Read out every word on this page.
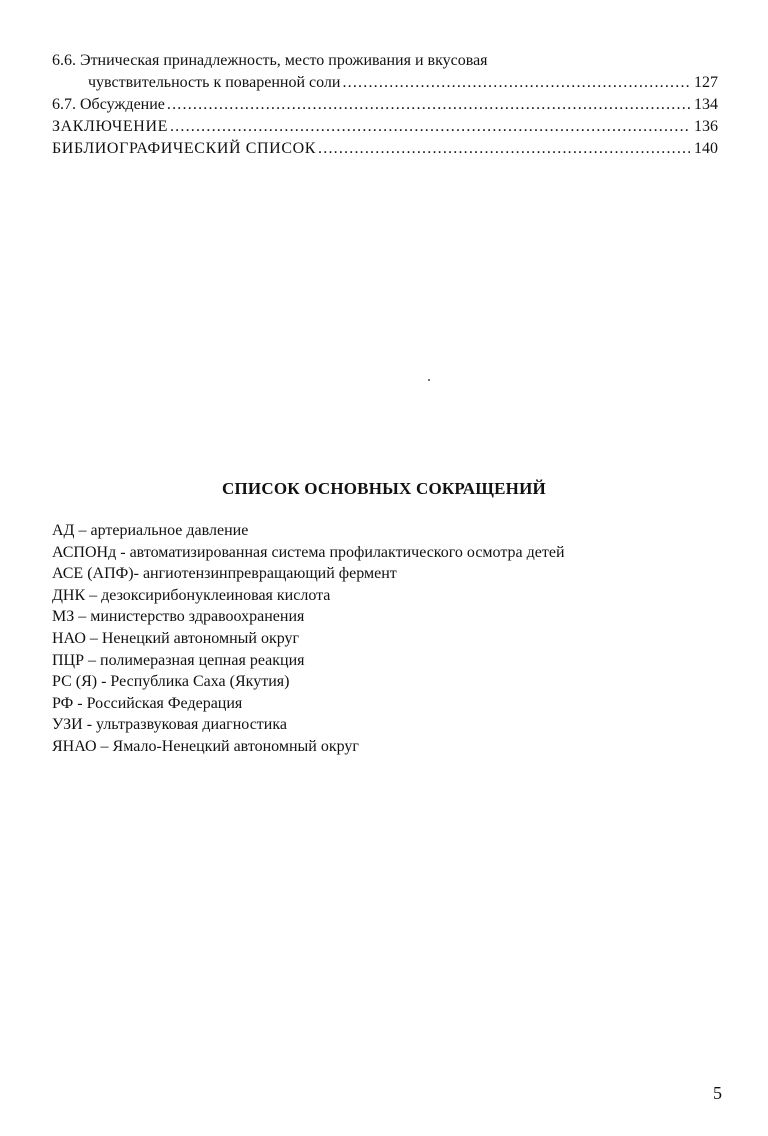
6.6. Этническая принадлежность, место проживания и вкусовая
чувствительность к поваренной соли .....	127
6.7. Обсуждение .....	134
ЗАКЛЮЧЕНИЕ .....	136
БИБЛИОГРАФИЧЕСКИЙ СПИСОК .....	140
СПИСОК ОСНОВНЫХ СОКРАЩЕНИЙ
АД – артериальное давление
АСПОНд - автоматизированная система профилактического осмотра детей
АСЕ (АПФ)- ангиотензинпревращающий фермент
ДНК – дезоксирибонуклеиновая кислота
МЗ – министерство здравоохранения
НАО – Ненецкий автономный округ
ПЦР – полимеразная цепная реакция
РС (Я) - Республика Саха (Якутия)
РФ - Российская Федерация
УЗИ - ультразвуковая диагностика
ЯНАО – Ямало-Ненецкий автономный округ
5
